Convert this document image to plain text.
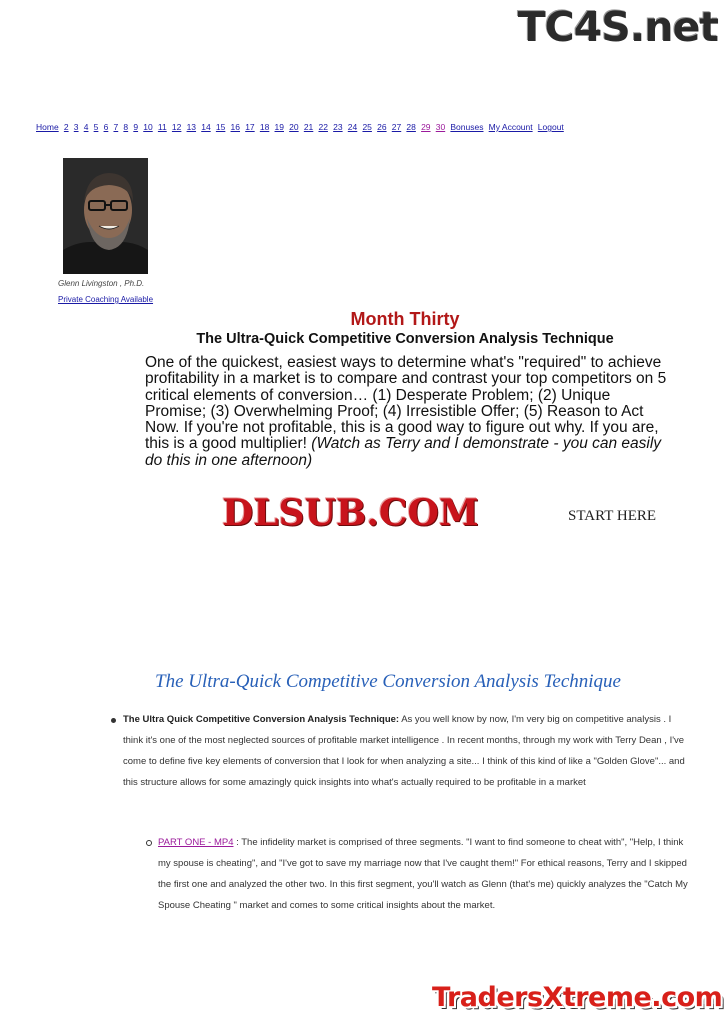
TC4S.net
Home 2 3 4 5 6 7 8 9 10 11 12 13 14 15 16 17 18 19 20 21 22 23 24 25 26 27 28 29 30 Bonuses My Account Logout
Glenn Livingston , Ph.D.
Private Coaching Available
Month Thirty
The Ultra-Quick Competitive Conversion Analysis Technique
One of the quickest, easiest ways to determine what's "required" to achieve profitability in a market is to compare and contrast your top competitors on 5 critical elements of conversion… (1) Desperate Problem; (2) Unique Promise; (3) Overwhelming Proof; (4) Irresistible Offer; (5) Reason to Act Now. If you're not profitable, this is a good way to figure out why. If you are, this is a good multiplier! (Watch as Terry and I demonstrate - you can easily do this in one afternoon)
DLSUB.COM	START HERE
The Ultra-Quick Competitive Conversion Analysis Technique
The Ultra Quick Competitive Conversion Analysis Technique: As you well know by now, I'm very big on competitive analysis . I think it's one of the most neglected sources of profitable market intelligence . In recent months, through my work with Terry Dean , I've come to define five key elements of conversion that I look for when analyzing a site... I think of this kind of like a "Golden Glove"... and this structure allows for some amazingly quick insights into what's actually required to be profitable in a market
PART ONE - MP4 : The infidelity market is comprised of three segments. "I want to find someone to cheat with", "Help, I think my spouse is cheating", and "I've got to save my marriage now that I've caught them!" For ethical reasons, Terry and I skipped the first one and analyzed the other two. In this first segment, you'll watch as Glenn (that's me) quickly analyzes the "Catch My Spouse Cheating " market and comes to some critical insights about the market.
TradersXtreme.com
